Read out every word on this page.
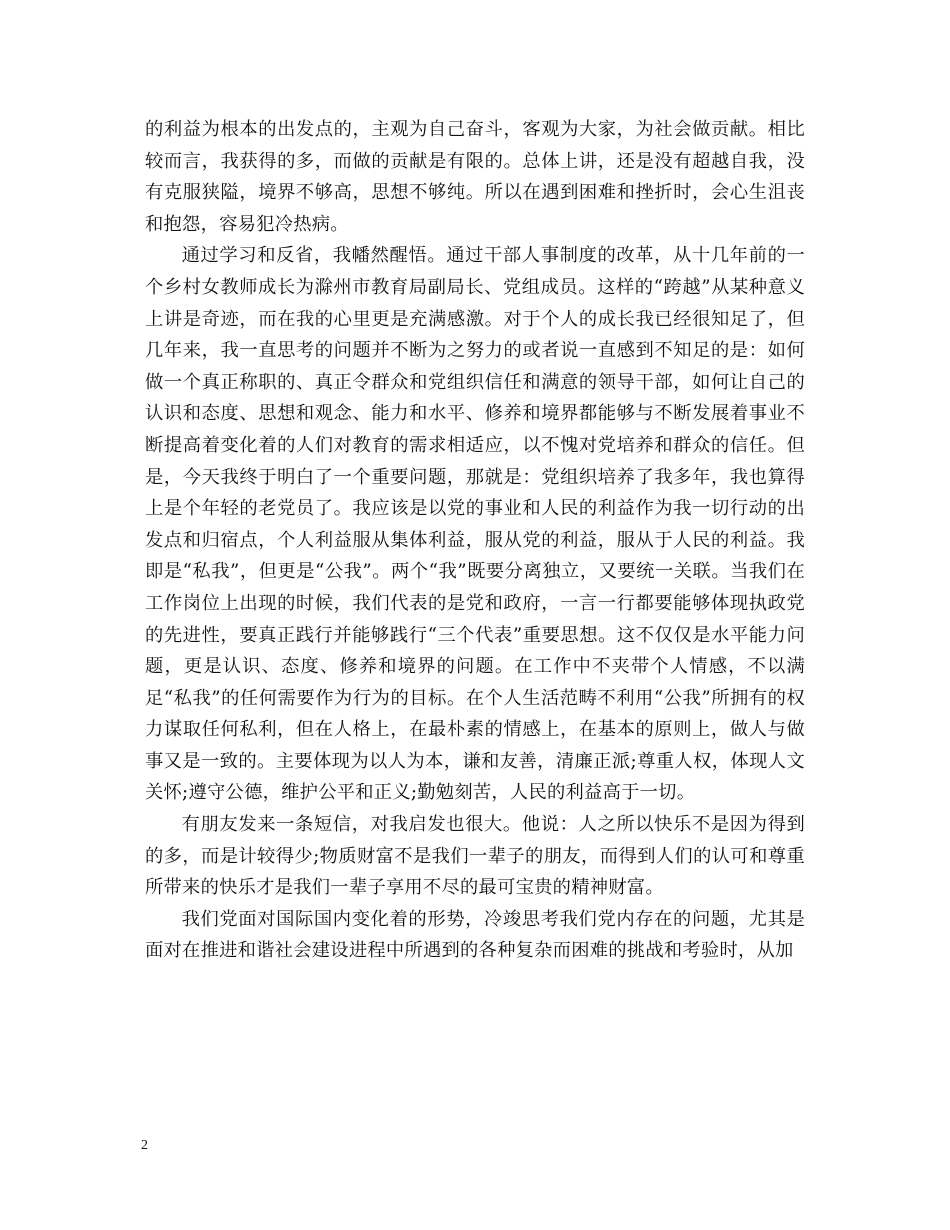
的利益为根本的出发点的，主观为自己奋斗，客观为大家，为社会做贡献。相比较而言，我获得的多，而做的贡献是有限的。总体上讲，还是没有超越自我，没有克服狭隘，境界不够高，思想不够纯。所以在遇到困难和挫折时，会心生沮丧和抱怨，容易犯冷热病。

通过学习和反省，我幡然醒悟。通过干部人事制度的改革，从十几年前的一个乡村女教师成长为滁州市教育局副局长、党组成员。这样的“跨越”从某种意义上讲是奇迹，而在我的心里更是充满感激。对于个人的成长我已经很知足了，但几年来，我一直思考的问题并不断为之努力的或者说一直感到不知足的是：如何做一个真正称职的、真正令群众和党组织信任和满意的领导干部，如何让自己的认识和态度、思想和观念、能力和水平、修养和境界都能够与不断发展着事业不断提高着变化着的人们对教育的需求相适应，以不愧对党培养和群众的信任。但是，今天我终于明白了一个重要问题，那就是：党组织培养了我多年，我也算得上是个年轻的老党员了。我应该是以党的事业和人民的利益作为我一切行动的出发点和归宿点，个人利益服从集体利益，服从党的利益，服从于人民的利益。我即是“私我”，但更是“公我”。两个“我”既要分离独立，又要统一关联。当我们在工作岗位上出现的时候，我们代表的是党和政府，一言一行都要能够体现执政党的先进性，要真正践行并能够践行“三个代表”重要思想。这不仅仅是水平能力问题，更是认识、态度、修养和境界的问题。在工作中不夹带个人情感，不以满足“私我”的任何需要作为行为的目标。在个人生活范畴不利用“公我”所拥有的权力谋取任何私利，但在人格上，在最朴素的情感上，在基本的原则上，做人与做事又是一致的。主要体现为以人为本，谦和友善，清廉正派;尊重人权，体现人文关怀;遵守公德，维护公平和正义;勤勉刻苦，人民的利益高于一切。

有朋友发来一条短信，对我启发也很大。他说：人之所以快乐不是因为得到的多，而是计较得少;物质财富不是我们一辈子的朋友，而得到人们的认可和尊重所带来的快乐才是我们一辈子享用不尽的最可宝贵的精神财富。

我们党面对国际国内变化着的形势，冷竣思考我们党内存在的问题，尤其是面对在推进和谐社会建设进程中所遇到的各种复杂而困难的挑战和考验时，从加

2
